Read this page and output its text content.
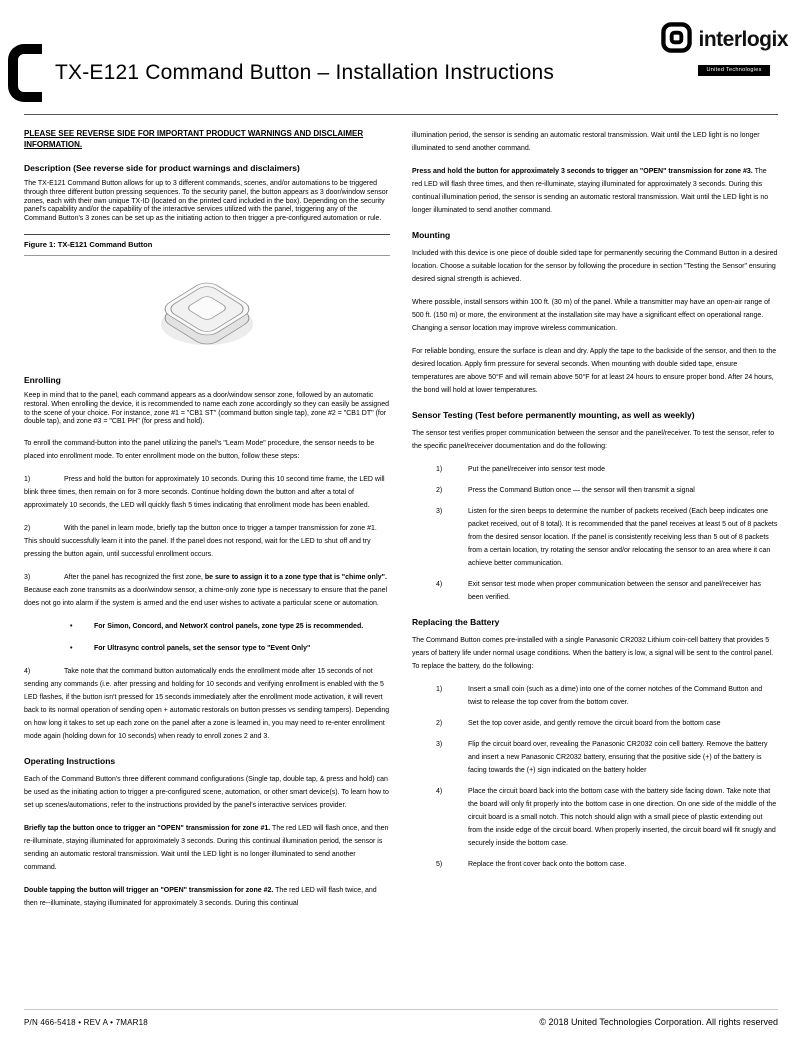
interlogix
United Technologies
TX-E121 Command Button – Installation Instructions

PLEASE SEE REVERSE SIDE FOR IMPORTANT PRODUCT WARNINGS AND DISCLAIMER INFORMATION.

Description (See reverse side for product warnings and disclaimers)

The TX-E121 Command Button allows for up to 3 different commands, scenes, and/or automations to be triggered through three different button pressing sequences. To the security panel, the button appears as 3 door/window sensor zones, each with their own unique TX-ID (located on the printed card included in the box). Depending on the security panel's capability and/or the capability of the interactive services utilized with the panel, triggering any of the Command Button's 3 zones can be set up as the initiating action to then trigger a pre-configured automation or rule.

Figure 1: TX-E121 Command Button
Enrolling

Keep in mind that to the panel, each command appears as a door/window sensor zone, followed by an automatic restoral. When enrolling the device, it is recommended to name each zone accordingly so they can easily be assigned to the scene of your choice. For instance, zone #1 = "CB1 ST" (command button single tap), zone #2 = "CB1 DT" (for double tap), and zone #3 = "CB1 PH" (for press and hold).

To enroll the command-button into the panel utilizing the panel's "Learn Mode" procedure, the sensor needs to be placed into enrollment mode. To enter enrollment mode on the button, follow these steps:

1)	Press and hold the button for approximately 10 seconds. During this 10 second time frame, the LED will blink three times, then remain on for 3 more seconds. Continue holding down the button and after a total of approximately 10 seconds, the LED will quickly flash 5 times indicating that enrollment mode has been enabled.

2)	With the panel in learn mode, briefly tap the button once to trigger a tamper transmission for zone #1. This should successfully learn it into the panel. If the panel does not respond, wait for the LED to shut off and try pressing the button again, until successful enrollment occurs.

3)	After the panel has recognized the first zone, be sure to assign it to a zone type that is "chime only". Because each zone transmits as a door/window sensor, a chime-only zone type is necessary to ensure that the panel does not go into alarm if the system is armed and the end user wishes to activate a particular scene or automation.

•	For Simon, Concord, and NetworX control panels, zone type 25 is recommended.

•	For Ultrasync control panels, set the sensor type to "Event Only"

4)	Take note that the command button automatically ends the enrollment mode after 15 seconds of not sending any commands (i.e. after pressing and holding for 10 seconds and verifying enrollment is enabled with the 5 LED flashes, if the button isn't pressed for 15 seconds immediately after the enrollment mode activation, it will revert back to its normal operation of sending open + automatic restorals on button presses vs sending tampers). Depending on how long it takes to set up each zone on the panel after a zone is learned in, you may need to re-enter enrollment mode again (holding down for 10 seconds) when ready to enroll zones 2 and 3.

Operating Instructions

Each of the Command Button's three different command configurations (Single tap, double tap, & press and hold) can be used as the initiating action to trigger a pre-configured scene, automation, or other smart device(s). To learn how to set up scenes/automations, refer to the instructions provided by the panel's interactive services provider.

Briefly tap the button once to trigger an "OPEN" transmission for zone #1. The red LED will flash once, and then re-illuminate, staying illuminated for approximately 3 seconds. During this continual illumination period, the sensor is sending an automatic restoral transmission. Wait until the LED light is no longer illuminated to send another command.

Double tapping the button will trigger an "OPEN" transmission for zone #2. The red LED will flash twice, and then re--illuminate, staying illuminated for approximately 3 seconds. During this continual

illumination period, the sensor is sending an automatic restoral transmission. Wait until the LED light is no longer illuminated to send another command.

Press and hold the button for approximately 3 seconds to trigger an "OPEN" transmission for zone #3. The red LED will flash three times, and then re-illuminate, staying illuminated for approximately 3 seconds. During this continual illumination period, the sensor is sending an automatic restoral transmission. Wait until the LED light is no longer illuminated to send another command.

Mounting

Included with this device is one piece of double sided tape for permanently securing the Command Button in a desired location. Choose a suitable location for the sensor by following the procedure in section "Testing the Sensor" ensuring desired signal strength is achieved.

Where possible, install sensors within 100 ft. (30 m) of the panel. While a transmitter may have an open-air range of 500 ft. (150 m) or more, the environment at the installation site may have a significant effect on operational range. Changing a sensor location may improve wireless communication.

For reliable bonding, ensure the surface is clean and dry. Apply the tape to the backside of the sensor, and then to the desired location. Apply firm pressure for several seconds. When mounting with double sided tape, ensure temperatures are above 50°F and will remain above 50°F for at least 24 hours to ensure proper bond. After 24 hours, the bond will hold at lower temperatures.

Sensor Testing (Test before permanently mounting, as well as weekly)

The sensor test verifies proper communication between the sensor and the panel/receiver. To test the sensor, refer to the specific panel/receiver documentation and do the following:

1)	Put the panel/receiver into sensor test mode
2)	Press the Command Button once — the sensor will then transmit a signal
3)	Listen for the siren beeps to determine the number of packets received (Each beep indicates one packet received, out of 8 total). It is recommended that the panel receives at least 5 out of 8 packets from the desired sensor location. If the panel is consistently receiving less than 5 out of 8 packets from a certain location, try rotating the sensor and/or relocating the sensor to an area where it can achieve better communication.
4)	Exit sensor test mode when proper communication between the sensor and panel/receiver has been verified.
Replacing the Battery

The Command Button comes pre-installed with a single Panasonic CR2032 Lithium coin-cell battery that provides 5 years of battery life under normal usage conditions. When the battery is low, a signal will be sent to the control panel. To replace the battery, do the following:

1)	Insert a small coin (such as a dime) into one of the corner notches of the Command Button and twist to release the top cover from the bottom cover.
2)	Set the top cover aside, and gently remove the circuit board from the bottom case
3)	Flip the circuit board over, revealing the Panasonic CR2032 coin cell battery. Remove the battery and insert a new Panasonic CR2032 battery, ensuring that the positive side (+) of the battery is facing towards the (+) sign indicated on the battery holder
4)	Place the circuit board back into the bottom case with the battery side facing down. Take note that the board will only fit properly into the bottom case in one direction. On one side of the middle of the circuit board is a small notch. This notch should align with a small piece of plastic extending out from the inside edge of the circuit board. When properly inserted, the circuit board will fit snugly and securely inside the bottom case.
5)	Replace the front cover back onto the bottom case.
P/N 466-5418 • REV A • 7MAR18	© 2018 United Technologies Corporation. All rights reserved
